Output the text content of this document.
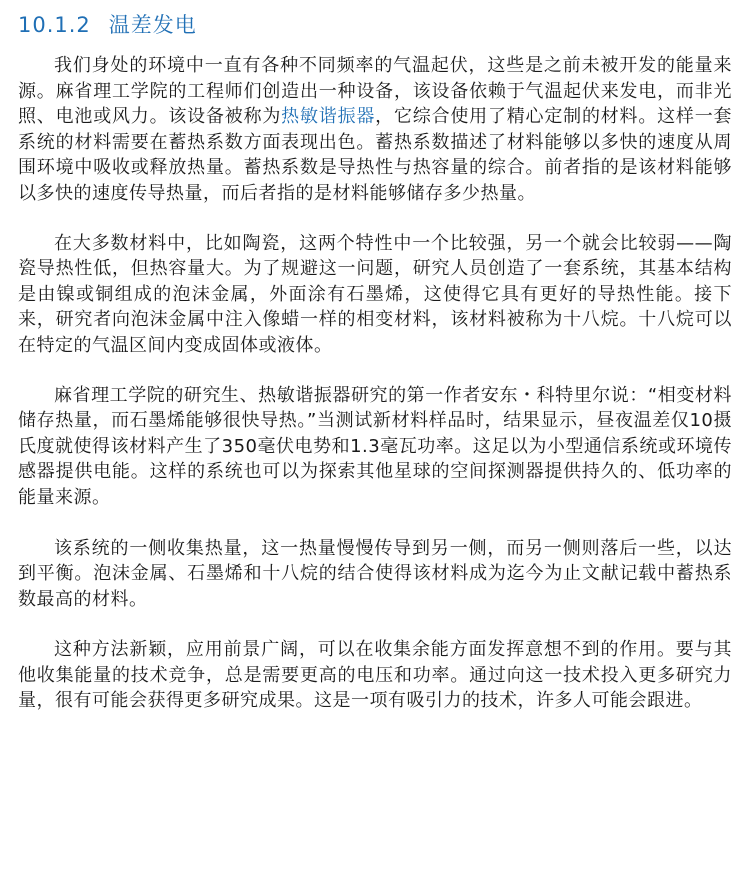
10.1.2 温差发电

我们身处的环境中一直有各种不同频率的气温起伏，这些是之前未被开发的能量来源。麻省理工学院的工程师们创造出一种设备，该设备依赖于气温起伏来发电，而非光照、电池或风力。该设备被称为热敏谐振器，它综合使用了精心定制的材料。这样一套系统的材料需要在蓄热系数方面表现出色。蓄热系数描述了材料能够以多快的速度从周围环境中吸收或释放热量。蓄热系数是导热性与热容量的综合。前者指的是该材料能够以多快的速度传导热量，而后者指的是材料能够储存多少热量。

在大多数材料中，比如陶瓷，这两个特性中一个比较强，另一个就会比较弱——陶瓷导热性低，但热容量大。为了规避这一问题，研究人员创造了一套系统，其基本结构是由镍或铜组成的泡沫金属，外面涂有石墨烯，这使得它具有更好的导热性能。接下来，研究者向泡沫金属中注入像蜡一样的相变材料，该材料被称为十八烷。十八烷可以在特定的气温区间内变成固体或液体。

麻省理工学院的研究生、热敏谐振器研究的第一作者安东・科特里尔说：“相变材料储存热量，而石墨烯能够很快导热。”当测试新材料样品时，结果显示，昼夜温差仅10摄氏度就使得该材料产生了350毫伏电势和1.3毫瓦功率。这足以为小型通信系统或环境传感器提供电能。这样的系统也可以为探索其他星球的空间探测器提供持久的、低功率的能量来源。

该系统的一侧收集热量，这一热量慢慢传导到另一侧，而另一侧则落后一些，以达到平衡。泡沫金属、石墨烯和十八烷的结合使得该材料成为迄今为止文献记载中蓄热系数最高的材料。

这种方法新颖，应用前景广阔，可以在收集余能方面发挥意想不到的作用。要与其他收集能量的技术竞争，总是需要更高的电压和功率。通过向这一技术投入更多研究力量，很有可能会获得更多研究成果。这是一项有吸引力的技术，许多人可能会跟进。
